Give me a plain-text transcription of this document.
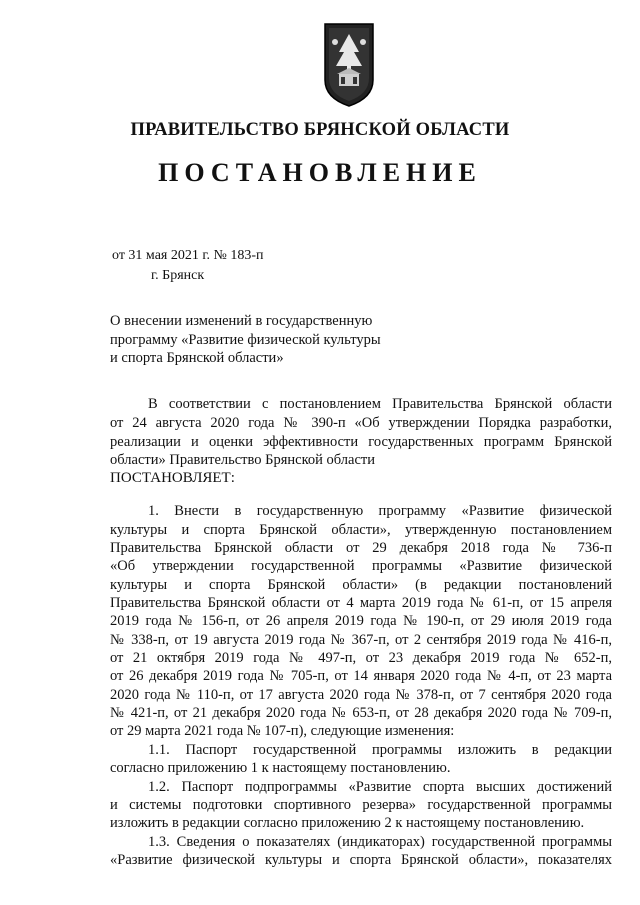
ПРАВИТЕЛЬСТВО БРЯНСКОЙ ОБЛАСТИ
ПОСТАНОВЛЕНИЕ
от 31 мая 2021 г. № 183-п
г. Брянск
О внесении изменений в государственную
программу «Развитие физической культуры
и спорта Брянской области»
В соответствии с постановлением Правительства Брянской области
от 24 августа 2020 года № 390-п «Об утверждении Порядка разработки,
реализации и оценки эффективности государственных программ Брянской
области» Правительство Брянской области
ПОСТАНОВЛЯЕТ:
1. Внести в государственную программу «Развитие физической
культуры и спорта Брянской области», утвержденную постановлением
Правительства Брянской области от 29 декабря 2018 года № 736-п
«Об утверждении государственной программы «Развитие физической
культуры и спорта Брянской области» (в редакции постановлений
Правительства Брянской области от 4 марта 2019 года № 61-п, от 15 апреля
2019 года № 156-п, от 26 апреля 2019 года № 190-п, от 29 июля 2019 года
№ 338-п, от 19 августа 2019 года № 367-п, от 2 сентября 2019 года № 416-п,
от 21 октября 2019 года № 497-п, от 23 декабря 2019 года № 652-п,
от 26 декабря 2019 года № 705-п, от 14 января 2020 года № 4-п, от 23 марта
2020 года № 110-п, от 17 августа 2020 года № 378-п, от 7 сентября 2020 года
№ 421-п, от 21 декабря 2020 года № 653-п, от 28 декабря 2020 года № 709-п,
от 29 марта 2021 года № 107-п), следующие изменения:
1.1. Паспорт государственной программы изложить в редакции
согласно приложению 1 к настоящему постановлению.
1.2. Паспорт подпрограммы «Развитие спорта высших достижений
и системы подготовки спортивного резерва» государственной программы
изложить в редакции согласно приложению 2 к настоящему постановлению.
1.3. Сведения о показателях (индикаторах) государственной программы
«Развитие физической культуры и спорта Брянской области», показателях
